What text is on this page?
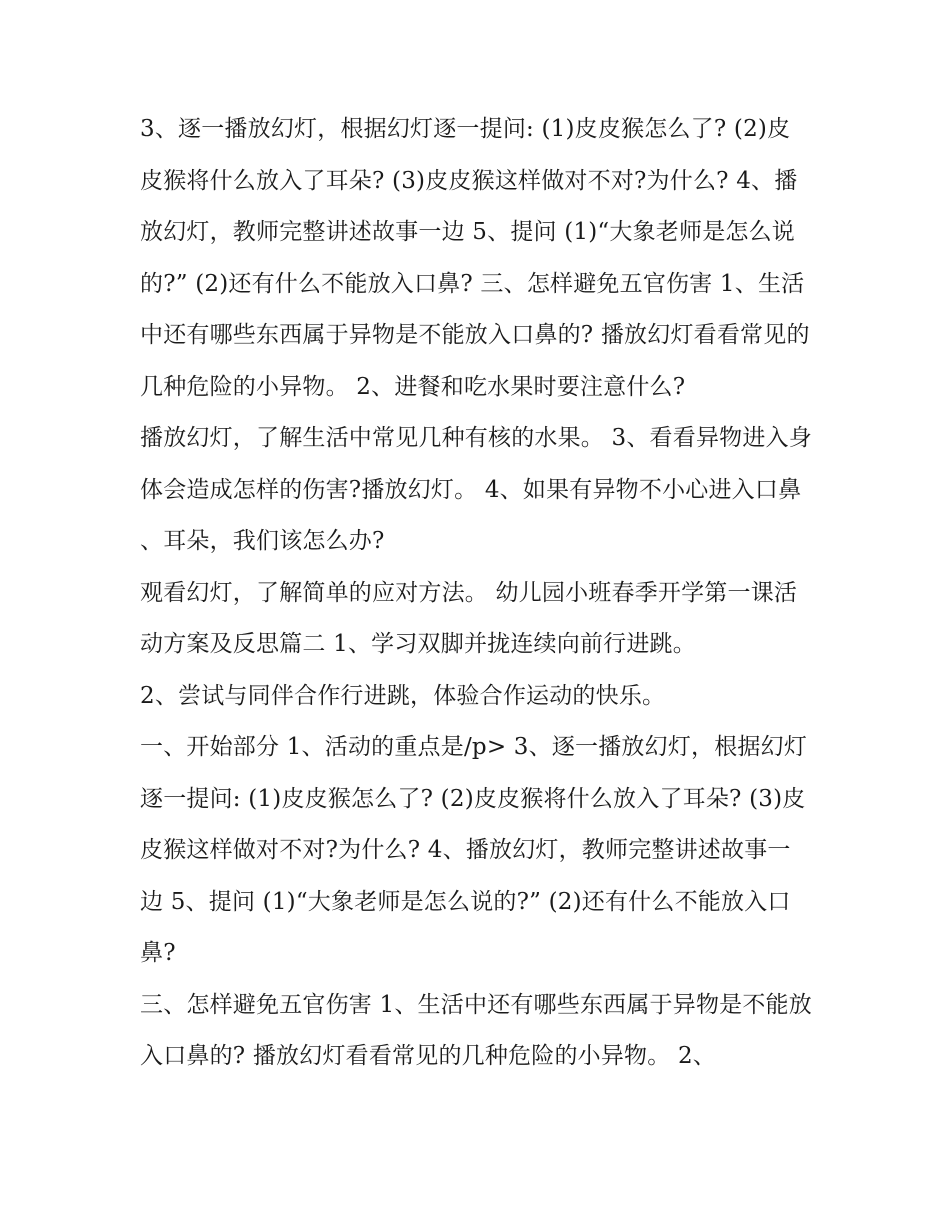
3、逐一播放幻灯，根据幻灯逐一提问: (1)皮皮猴怎么了? (2)皮皮猴将什么放入了耳朵? (3)皮皮猴这样做对不对?为什么? 4、播放幻灯，教师完整讲述故事一边 5、提问 (1)“大象老师是怎么说的?” (2)还有什么不能放入口鼻? 三、怎样避免五官伤害 1、生活中还有哪些东西属于异物是不能放入口鼻的? 播放幻灯看看常见的几种危险的小异物。 2、进餐和吃水果时要注意什么?

播放幻灯，了解生活中常见几种有核的水果。 3、看看异物进入身体会造成怎样的伤害?播放幻灯。 4、如果有异物不小心进入口鼻、耳朵，我们该怎么办?

观看幻灯，了解简单的应对方法。 幼儿园小班春季开学第一课活动方案及反思篇二 1、学习双脚并拢连续向前行进跳。

2、尝试与同伴合作行进跳，体验合作运动的快乐。

一、开始部分 1、活动的重点是/p> 3、逐一播放幻灯，根据幻灯逐一提问: (1)皮皮猴怎么了? (2)皮皮猴将什么放入了耳朵? (3)皮皮猴这样做对不对?为什么? 4、播放幻灯，教师完整讲述故事一边 5、提问 (1)“大象老师是怎么说的?” (2)还有什么不能放入口鼻?

三、怎样避免五官伤害 1、生活中还有哪些东西属于异物是不能放入口鼻的? 播放幻灯看看常见的几种危险的小异物。 2、
